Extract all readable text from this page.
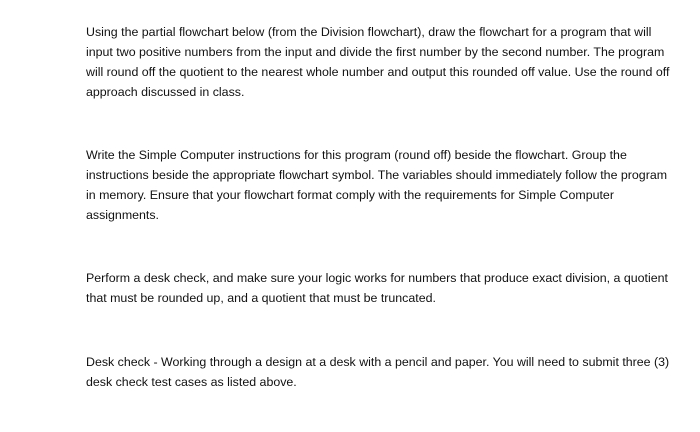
Using the partial flowchart below (from the Division flowchart), draw the flowchart for a program that will input two positive numbers from the input and divide the first number by the second number. The program will round off the quotient to the nearest whole number and output this rounded off value. Use the round off approach discussed in class.

Write the Simple Computer instructions for this program (round off) beside the flowchart. Group the instructions beside the appropriate flowchart symbol. The variables should immediately follow the program in memory. Ensure that your flowchart format comply with the requirements for Simple Computer assignments.

Perform a desk check, and make sure your logic works for numbers that produce exact division, a quotient that must be rounded up, and a quotient that must be truncated.

Desk check - Working through a design at a desk with a pencil and paper. You will need to submit three (3) desk check test cases as listed above.
